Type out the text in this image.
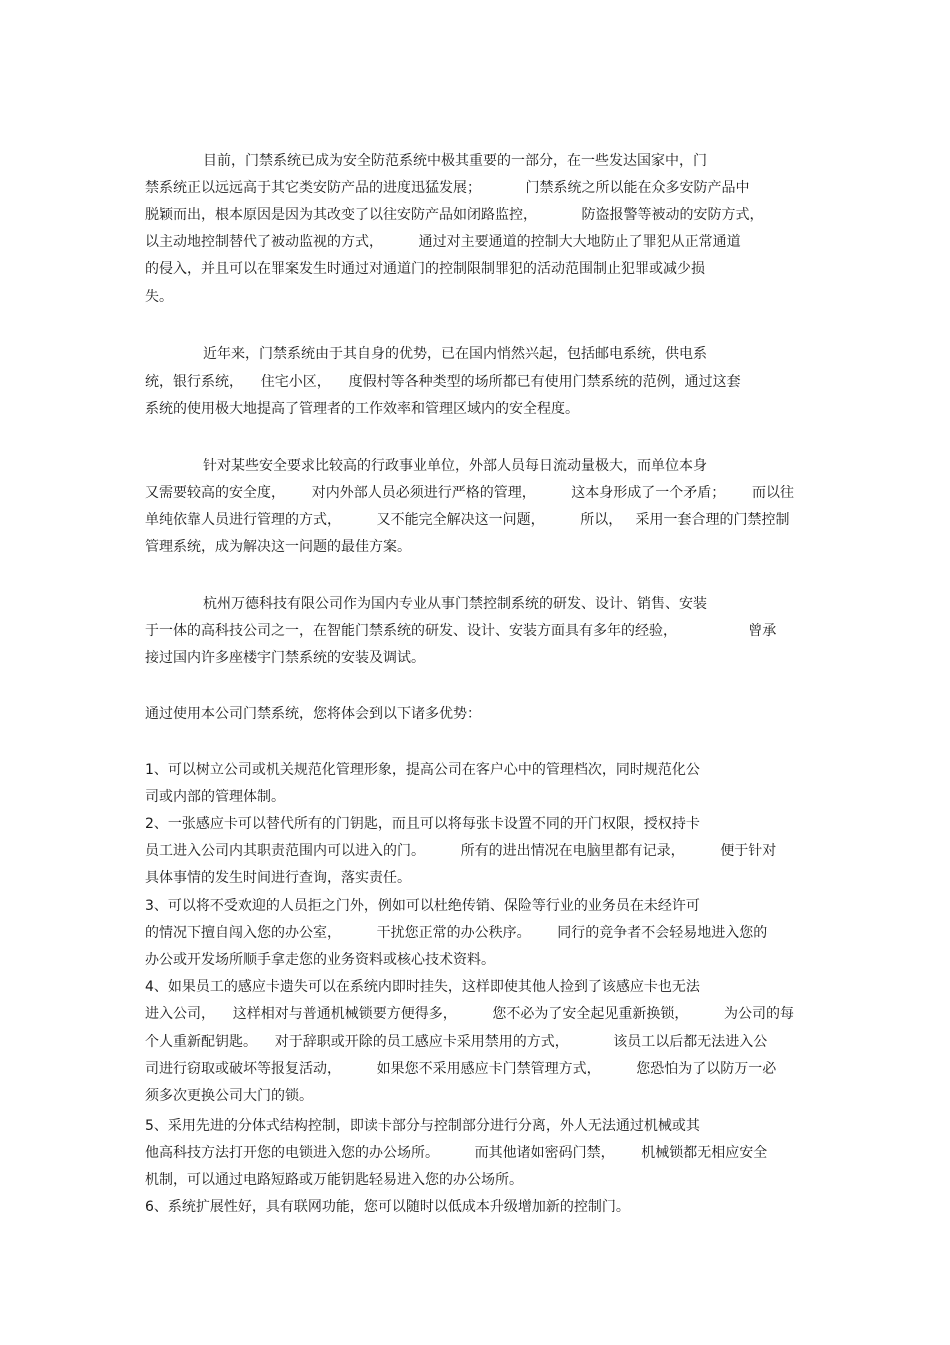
目前，门禁系统已成为安全防范系统中极其重要的一部分，在一些发达国家中，门
禁系统正以远远高于其它类安防产品的进度迅猛发展；          门禁系统之所以能在众多安防产品中
脱颖而出，根本原因是因为其改变了以往安防产品如闭路监控，          防盗报警等被动的安防方式，
以主动地控制替代了被动监视的方式，        通过对主要通道的控制大大地防止了罪犯从正常通道
的侵入，并且可以在罪案发生时通过对通道门的控制限制罪犯的活动范围制止犯罪或减少损
失。
近年来，门禁系统由于其自身的优势，已在国内悄然兴起，包括邮电系统，供电系
统，银行系统，    住宅小区，    度假村等各种类型的场所都已有使用门禁系统的范例，通过这套
系统的使用极大地提高了管理者的工作效率和管理区域内的安全程度。
针对某些安全要求比较高的行政事业单位，外部人员每日流动量极大，而单位本身
又需要较高的安全度，      对内外部人员必须进行严格的管理，        这本身形成了一个矛盾；      而以往
单纯依靠人员进行管理的方式，        又不能完全解决这一问题，        所以，   采用一套合理的门禁控制
管理系统，成为解决这一问题的最佳方案。
杭州万德科技有限公司作为国内专业从事门禁控制系统的研发、设计、销售、安装
于一体的高科技公司之一，在智能门禁系统的研发、设计、安装方面具有多年的经验，                曾承
接过国内许多座楼宇门禁系统的安装及调试。
通过使用本公司门禁系统，您将体会到以下诸多优势：
1、可以树立公司或机关规范化管理形象，提高公司在客户心中的管理档次，同时规范化公
司或内部的管理体制。
2、一张感应卡可以替代所有的门钥匙，而且可以将每张卡设置不同的开门权限，授权持卡
员工进入公司内其职责范围内可以进入的门。        所有的进出情况在电脑里都有记录，        便于针对
具体事情的发生时间进行查询，落实责任。
3、可以将不受欢迎的人员拒之门外，例如可以杜绝传销、保险等行业的业务员在未经许可
的情况下擅自闯入您的办公室，        干扰您正常的办公秩序。      同行的竞争者不会轻易地进入您的
办公或开发场所顺手拿走您的业务资料或核心技术资料。
4、如果员工的感应卡遗失可以在系统内即时挂失，这样即使其他人捡到了该感应卡也无法
进入公司，    这样相对与普通机械锁要方便得多，        您不必为了安全起见重新换锁，        为公司的每
个人重新配钥匙。    对于辞职或开除的员工感应卡采用禁用的方式，          该员工以后都无法进入公
司进行窃取或破坏等报复活动，        如果您不采用感应卡门禁管理方式，        您恐怕为了以防万一必
须多次更换公司大门的锁。
5、采用先进的分体式结构控制，即读卡部分与控制部分进行分离，外人无法通过机械或其
他高科技方法打开您的电锁进入您的办公场所。        而其他诸如密码门禁，      机械锁都无相应安全
机制，可以通过电路短路或万能钥匙轻易进入您的办公场所。
6、系统扩展性好，具有联网功能，您可以随时以低成本升级增加新的控制门。
